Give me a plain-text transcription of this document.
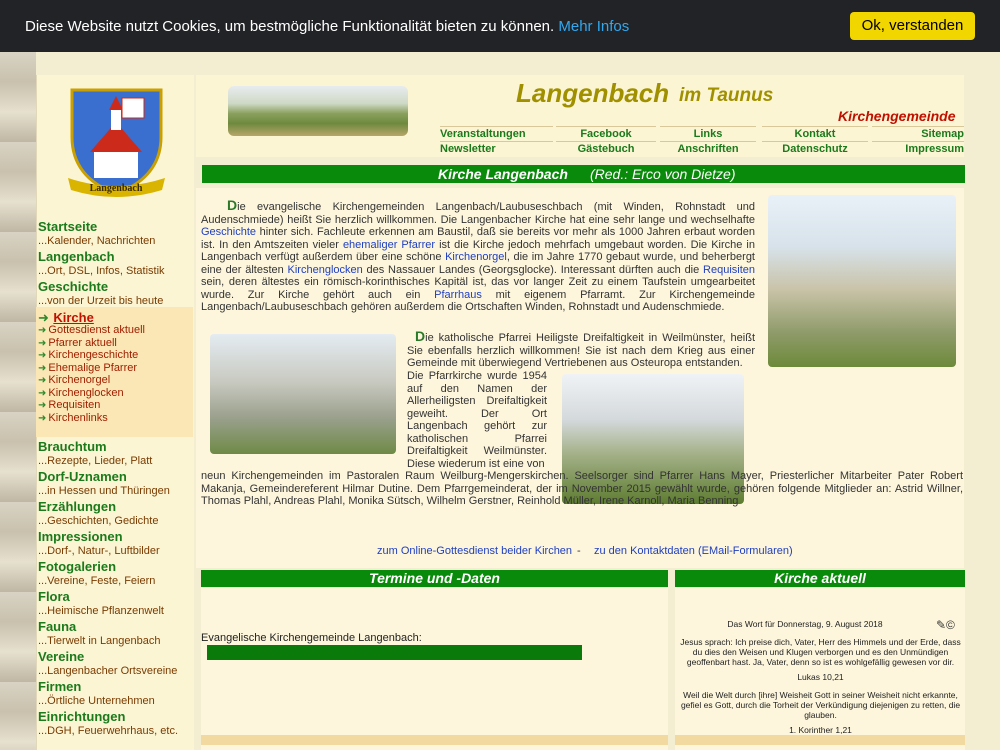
Diese Website nutzt Cookies, um bestmögliche Funktionalität bieten zu können. Mehr Infos	Ok, verstanden
Langenbach
Startseite
...Kalender, Nachrichten
Langenbach
...Ort, DSL, Infos, Statistik
Geschichte
...von der Urzeit bis heute
➜ Kirche
➜ Gottesdienst aktuell
➜ Pfarrer aktuell
➜ Kirchengeschichte
➜ Ehemalige Pfarrer
➜ Kirchenorgel
➜ Kirchenglocken
➜ Requisiten
➜ Kirchenlinks
Brauchtum
...Rezepte, Lieder, Platt
Dorf-Uznamen
...in Hessen und Thüringen
Erzählungen
...Geschichten, Gedichte
Impressionen
...Dorf-, Natur-, Luftbilder
Fotogalerien
...Vereine, Feste, Feiern
Flora
...Heimische Pflanzenwelt
Fauna
...Tierwelt in Langenbach
Vereine
...Langenbacher Ortsvereine
Firmen
...Örtliche Unternehmen
Einrichtungen
...DGH, Feuerwehrhaus, etc.
Langenbach im Taunus
Kirchengemeinde
Veranstaltungen	Facebook	Links	Kontakt	Sitemap
Newsletter	Gästebuch	Anschriften	Datenschutz	Impressum
Kirche Langenbach (Red.: Erco von Dietze)
Die evangelische Kirchengemeinden Langenbach/Laubuseschbach (mit Winden, Rohnstadt und Audenschmiede) heißt Sie herzlich willkommen. Die Langenbacher Kirche hat eine sehr lange und wechselhafte Geschichte hinter sich. Fachleute erkennen am Baustil, daß sie bereits vor mehr als 1000 Jahren erbaut worden ist. In den Amtszeiten vieler ehemaliger Pfarrer ist die Kirche jedoch mehrfach umgebaut worden. Die Kirche in Langenbach verfügt außerdem über eine schöne Kirchenorgel, die im Jahre 1770 gebaut wurde, und beherbergt eine der ältesten Kirchenglocken des Nassauer Landes (Georgsglocke). Interessant dürften auch die Requisiten sein, deren ältestes ein römisch-korinthisches Kapitäl ist, das vor langer Zeit zu einem Taufstein umgearbeitet wurde. Zur Kirche gehört auch ein Pfarrhaus mit eigenem Pfarramt. Zur Kirchengemeinde Langenbach/Laubuseschbach gehören außerdem die Ortschaften Winden, Rohnstadt und Audenschmiede.
Die katholische Pfarrei Heiligste Dreifaltigkeit in Weilmünster, heißt Sie ebenfalls herzlich willkommen! Sie ist nach dem Krieg aus einer Gemeinde mit überwiegend Vertriebenen aus Osteuropa entstanden.
Die Pfarrkirche wurde 1954 auf den Namen der Allerheiligsten Dreifaltigkeit geweiht. Der Ort Langenbach gehört zur katholischen Pfarrei Dreifaltigkeit Weilmünster. Diese wiederum ist eine von
neun Kirchengemeinden im Pastoralen Raum Weilburg-Mengerskirchen. Seelsorger sind Pfarrer Hans Mayer, Priesterlicher Mitarbeiter Pater Robert Makanja, Gemeindereferent Hilmar Dutine. Dem Pfarrgemeinderat, der im November 2015 gewählt wurde, gehören folgende Mitglieder an: Astrid Willner, Thomas Plahl, Andreas Plahl, Monika Sütsch, Wilhelm Gerstner, Reinhold Müller, Irene Karnoll, Maria Benning
zum Online-Gottesdienst beider Kirchen - zu den Kontaktdaten (EMail-Formularen)
Termine und -Daten	Kirche aktuell
Evangelische Kirchengemeinde Langenbach:
Das Wort für Donnerstag, 9. August 2018	✎©
Jesus sprach: Ich preise dich, Vater, Herr des Himmels und der Erde, dass du dies den Weisen und Klugen verborgen und es den Unmündigen geoffenbart hast. Ja, Vater, denn so ist es wohlgefällig gewesen vor dir.
Lukas 10,21
Weil die Welt durch [ihre] Weisheit Gott in seiner Weisheit nicht erkannte, gefiel es Gott, durch die Torheit der Verkündigung diejenigen zu retten, die glauben.
1. Korinther 1,21
